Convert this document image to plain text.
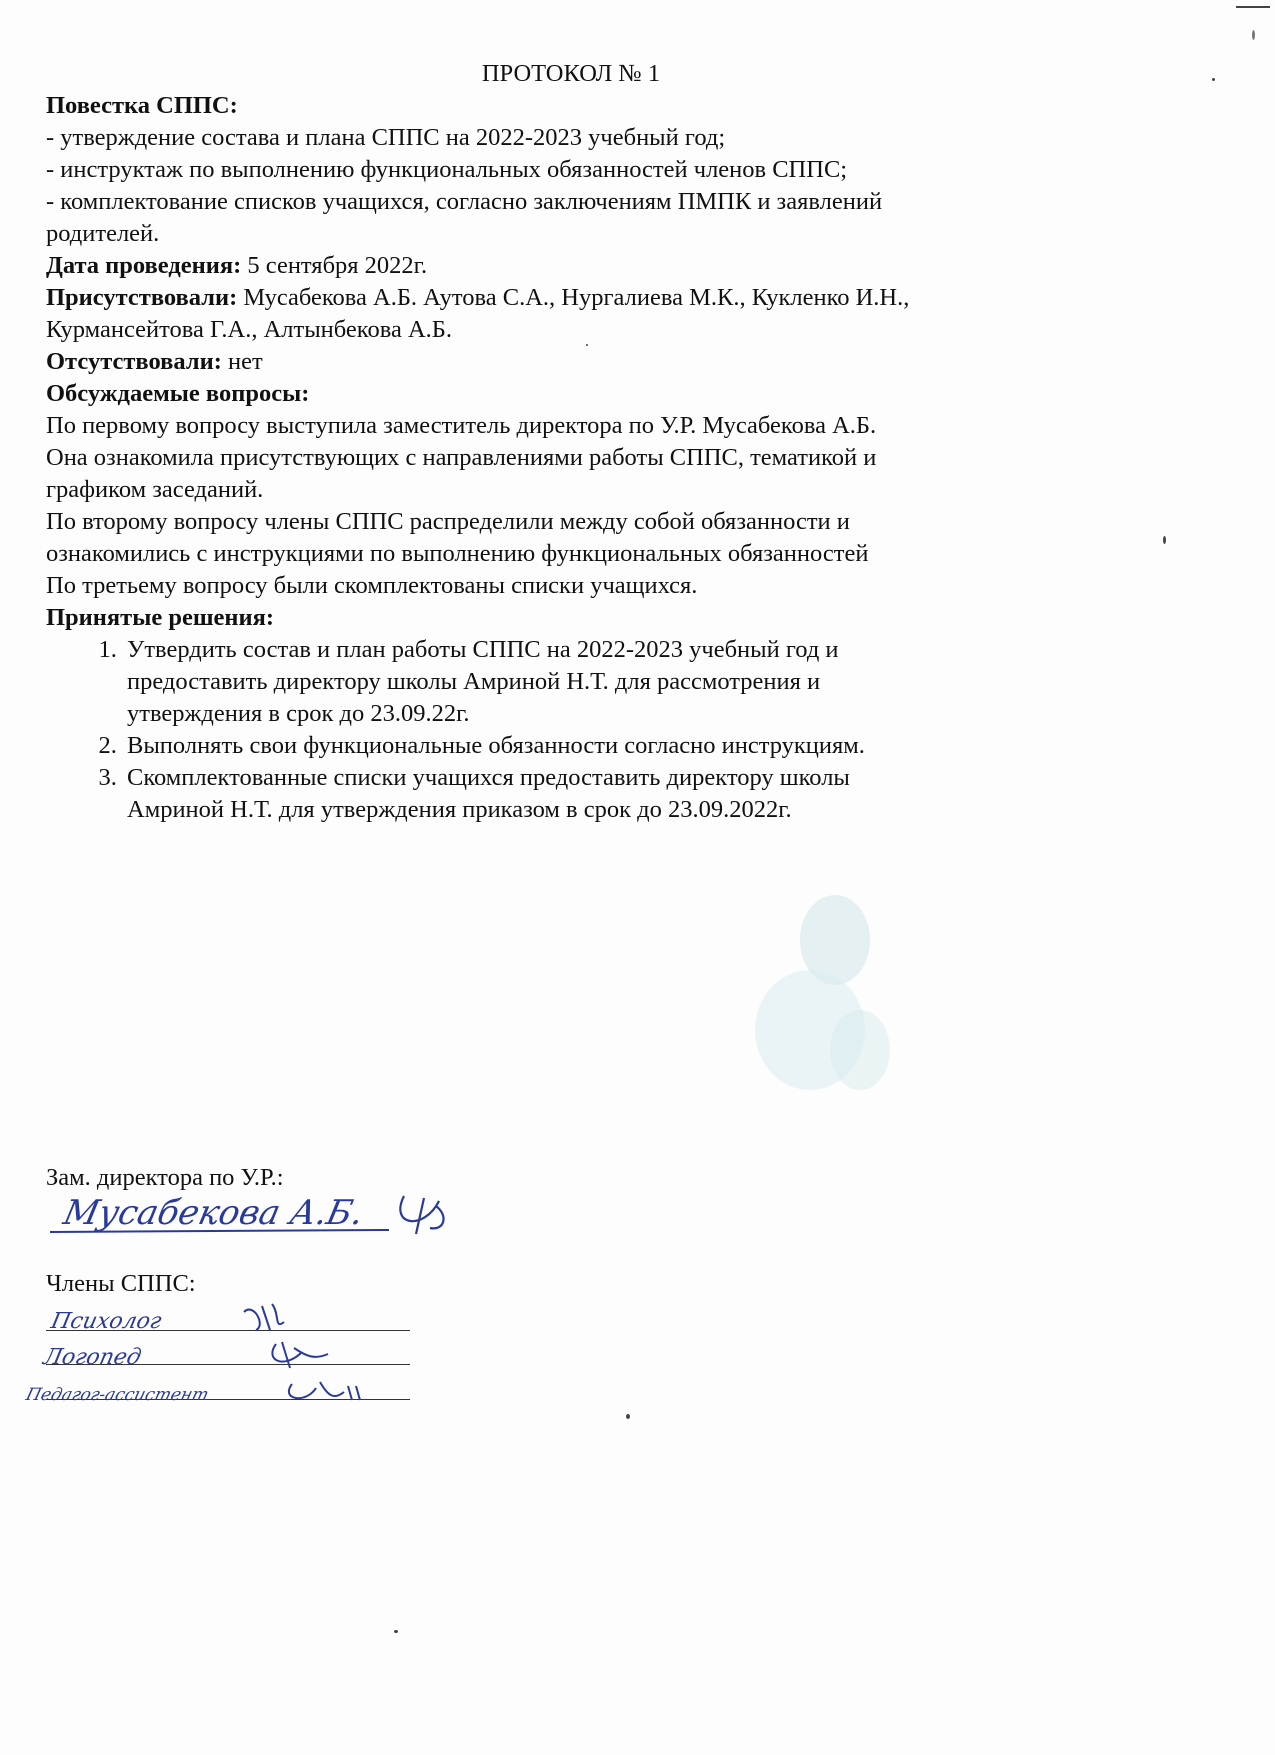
ПРОТОКОЛ № 1
Повестка СППС:
- утверждение состава и плана СППС на 2022-2023 учебный год;
- инструктаж по выполнению функциональных обязанностей членов СППС;
- комплектование списков учащихся, согласно заключениям ПМПК и заявлений
родителей.
Дата проведения: 5 сентября 2022г.
Присутствовали: Мусабекова А.Б. Аутова С.А., Нургалиева М.К., Кукленко И.Н.,
Курмансейтова Г.А., Алтынбекова А.Б.
Отсутствовали: нет
Обсуждаемые вопросы:
По первому вопросу выступила заместитель директора по У.Р. Мусабекова А.Б.
Она ознакомила присутствующих с направлениями работы СППС, тематикой и
графиком заседаний.
По второму вопросу члены СППС распределили между собой обязанности и
ознакомились с инструкциями по выполнению функциональных обязанностей
По третьему вопросу были скомплектованы списки учащихся.
Принятые решения:
1. Утвердить состав и план работы СППС на 2022-2023 учебный год и
предоставить директору школы Амриной Н.Т. для рассмотрения и
утверждения в срок до 23.09.22г.
2. Выполнять свои функциональные обязанности согласно инструкциям.
3. Скомплектованные списки учащихся предоставить директору школы
Амриной Н.Т. для утверждения приказом в срок до 23.09.2022г.
Зам. директора по У.Р.:
Мусабекова А.Б.
Члены СППС:
Психолог
Логопед
Педагог-ассистент
